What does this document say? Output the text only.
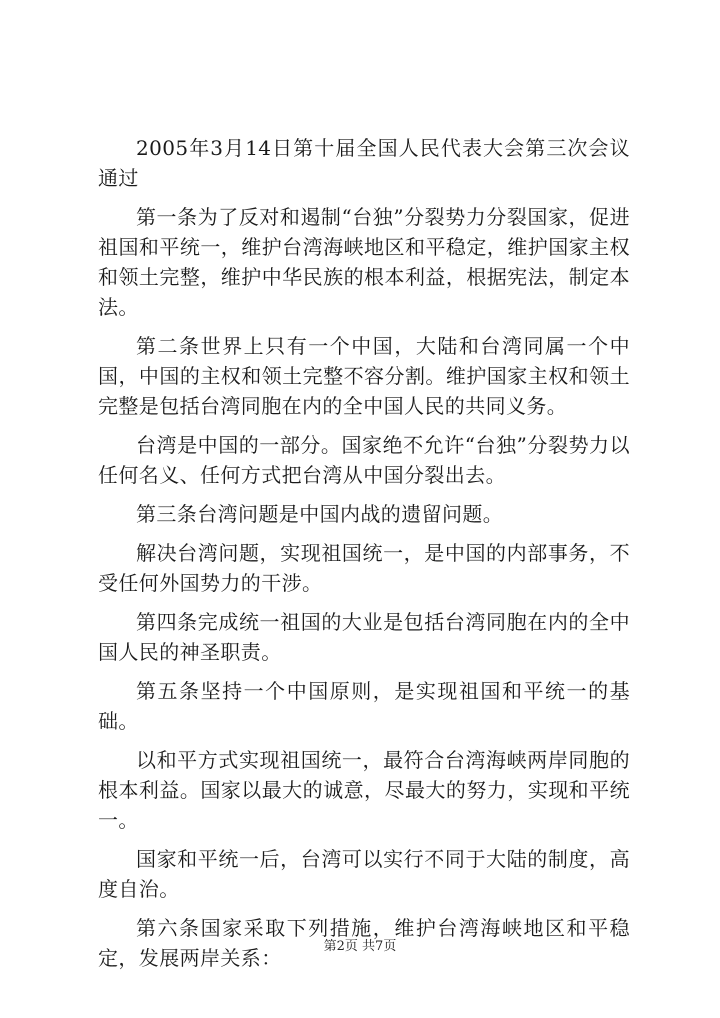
2005年3月14日第十届全国人民代表大会第三次会议通过

第一条为了反对和遏制“台独”分裂势力分裂国家，促进祖国和平统一，维护台湾海峡地区和平稳定，维护国家主权和领土完整，维护中华民族的根本利益，根据宪法，制定本法。

第二条世界上只有一个中国，大陆和台湾同属一个中国，中国的主权和领土完整不容分割。维护国家主权和领土完整是包括台湾同胞在内的全中国人民的共同义务。

台湾是中国的一部分。国家绝不允许“台独”分裂势力以任何名义、任何方式把台湾从中国分裂出去。

第三条台湾问题是中国内战的遗留问题。

解决台湾问题，实现祖国统一，是中国的内部事务，不受任何外国势力的干涉。

第四条完成统一祖国的大业是包括台湾同胞在内的全中国人民的神圣职责。

第五条坚持一个中国原则，是实现祖国和平统一的基础。

以和平方式实现祖国统一，最符合台湾海峡两岸同胞的根本利益。国家以最大的诚意，尽最大的努力，实现和平统一。

国家和平统一后，台湾可以实行不同于大陆的制度，高度自治。

第六条国家采取下列措施，维护台湾海峡地区和平稳定，发展两岸关系：	第2页 共7页
